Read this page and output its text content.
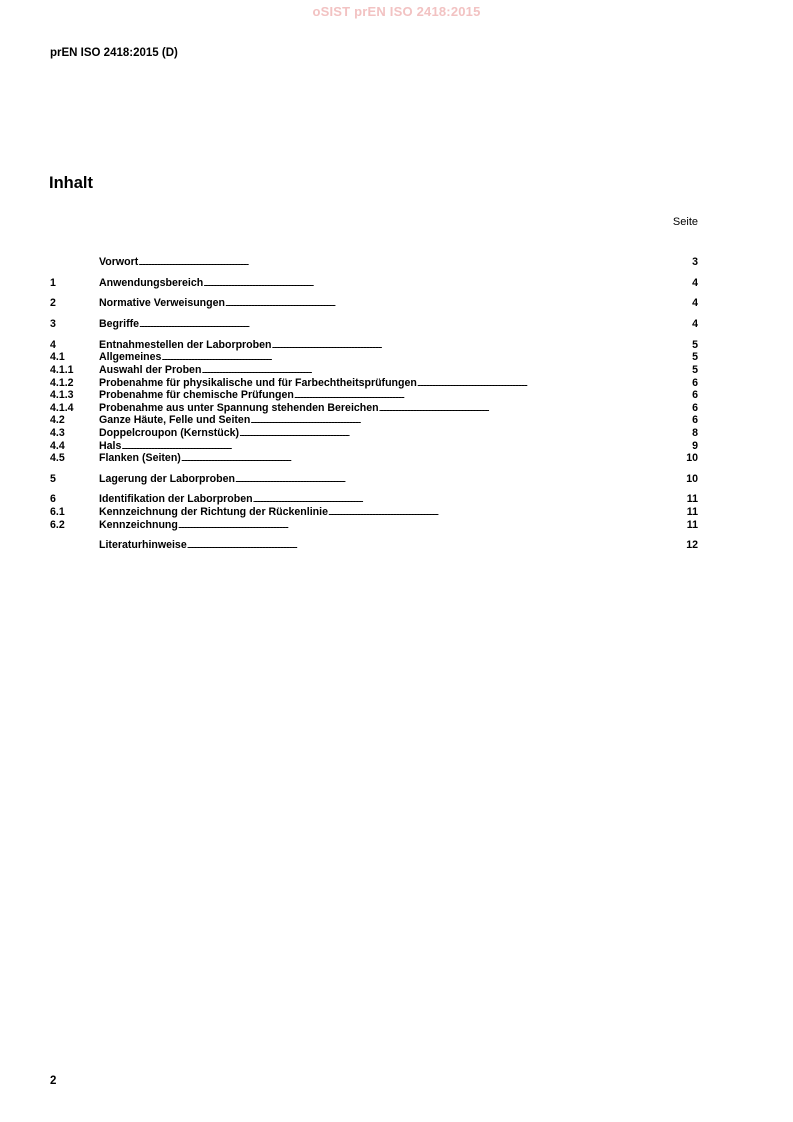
oSIST prEN ISO 2418:2015
prEN ISO 2418:2015 (D)
Inhalt
Seite
Vorwort . . .	3
1	Anwendungsbereich . . .	4
2	Normative Verweisungen . . .	4
3	Begriffe . . .	4
4	Entnahmestellen der Laborproben . . .	5
4.1	Allgemeines . . .	5
4.1.1	Auswahl der Proben . . .	5
4.1.2	Probenahme für physikalische und für Farbechtheitsprüfungen . . .	6
4.1.3	Probenahme für chemische Prüfungen . . .	6
4.1.4	Probenahme aus unter Spannung stehenden Bereichen . . .	6
4.2	Ganze Häute, Felle und Seiten . . .	6
4.3	Doppelcroupon (Kernstück) . . .	8
4.4	Hals . . .	9
4.5	Flanken (Seiten) . . .	10
5	Lagerung der Laborproben . . .	10
6	Identifikation der Laborproben . . .	11
6.1	Kennzeichnung der Richtung der Rückenlinie . . .	11
6.2	Kennzeichnung . . .	11
Literaturhinweise . . .	12
2
